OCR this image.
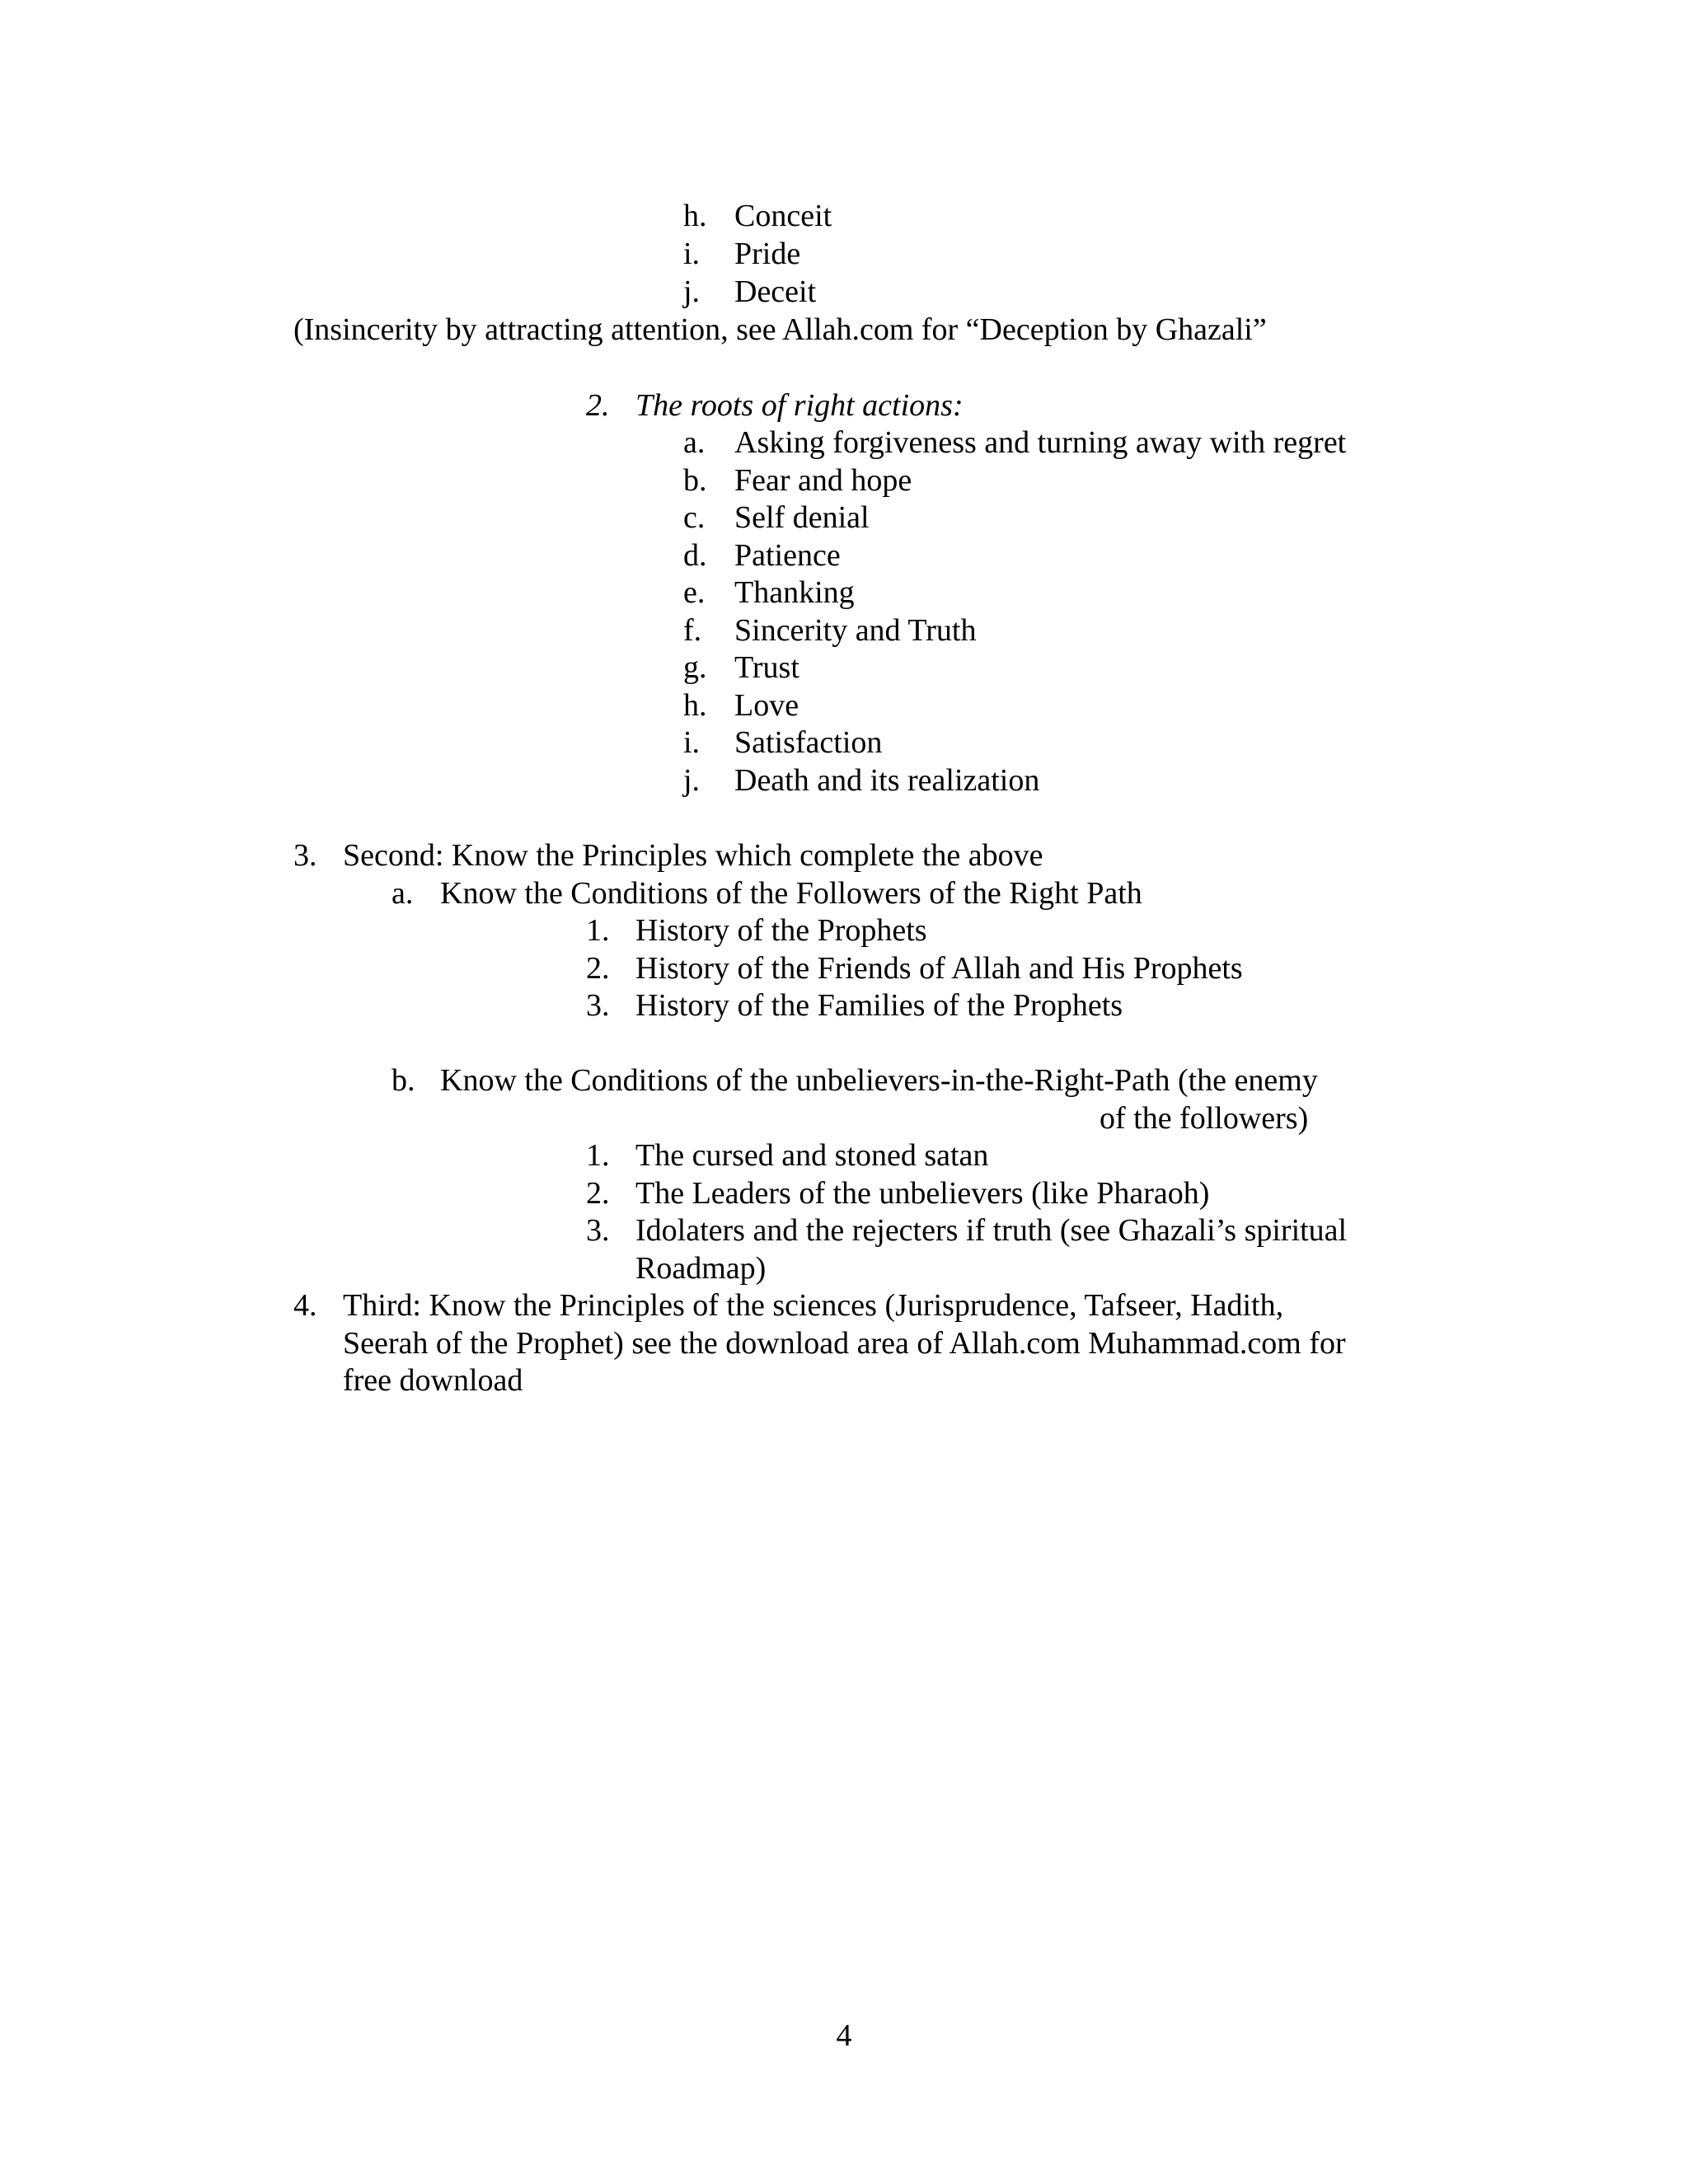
h. Conceit
i. Pride
j. Deceit
(Insincerity by attracting attention, see Allah.com for “Deception by Ghazali”
2. The roots of right actions:
a. Asking forgiveness and turning away with regret
b. Fear and hope
c. Self denial
d. Patience
e. Thanking
f. Sincerity and Truth
g. Trust
h. Love
i. Satisfaction
j. Death and its realization
3. Second: Know the Principles which complete the above
a. Know the Conditions of the Followers of the Right Path
1. History of the Prophets
2. History of the Friends of Allah and His Prophets
3. History of the Families of the Prophets
b. Know the Conditions of the unbelievers-in-the-Right-Path (the enemy
of the followers)
1. The cursed and stoned satan
2. The Leaders of the unbelievers (like Pharaoh)
3. Idolaters and the rejecters if truth (see Ghazali’s spiritual
Roadmap)
4. Third: Know the Principles of the sciences (Jurisprudence, Tafseer, Hadith,
Seerah of the Prophet) see the download area of Allah.com Muhammad.com for
free download
4
